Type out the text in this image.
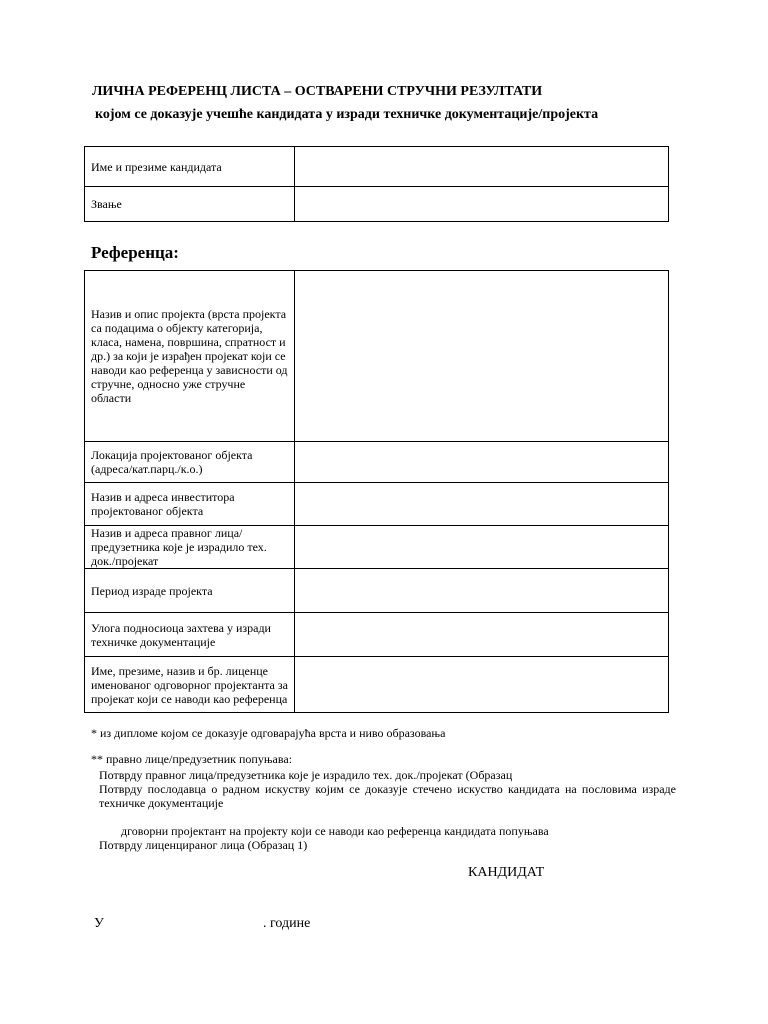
ЛИЧНА РЕФЕРЕНЦ ЛИСТА – ОСТВАРЕНИ СТРУЧНИ РЕЗУЛТАТИ
којом се доказује учешће кандидата у изради техничке документације/пројекта
Име и презиме кандидата	
Звање	
Референца:
Назив и опис пројекта (врста пројекта са подацима о објекту категорија, класа, намена, површина, спратност и др.) за који је израђен пројекат који се наводи као референца у зависности од стручне, односно уже стручне области	
Локација пројектованог објекта (адреса/кат.парц./к.о.)	
Назив и адреса инвеститора пројектованог објекта	
Назив и адреса правног лица/предузетника које је израдило тех. док./пројекат	
Период израде пројекта	
Улога подносиоца захтева у изради техничке документације	
Име, презиме, назив и бр. лиценце именованог одговорног пројектанта за пројекат који се наводи као референца	
* из дипломе којом се доказује одговарајућа врста и ниво образовања
** правно лице/предузетник попуњава:
Потврду правног лица/предузетника које је израдило тех. док./пројекат (Образац
Потврду послодавца о радном искуству којим се доказује стечено искуство кандидата на пословима израде техничке документације
дговорни пројектант на пројекту који се наводи као референца кандидата попуњава
Потврду лиценцираног лица (Образац 1)
КАНДИДАТ
У	. године
